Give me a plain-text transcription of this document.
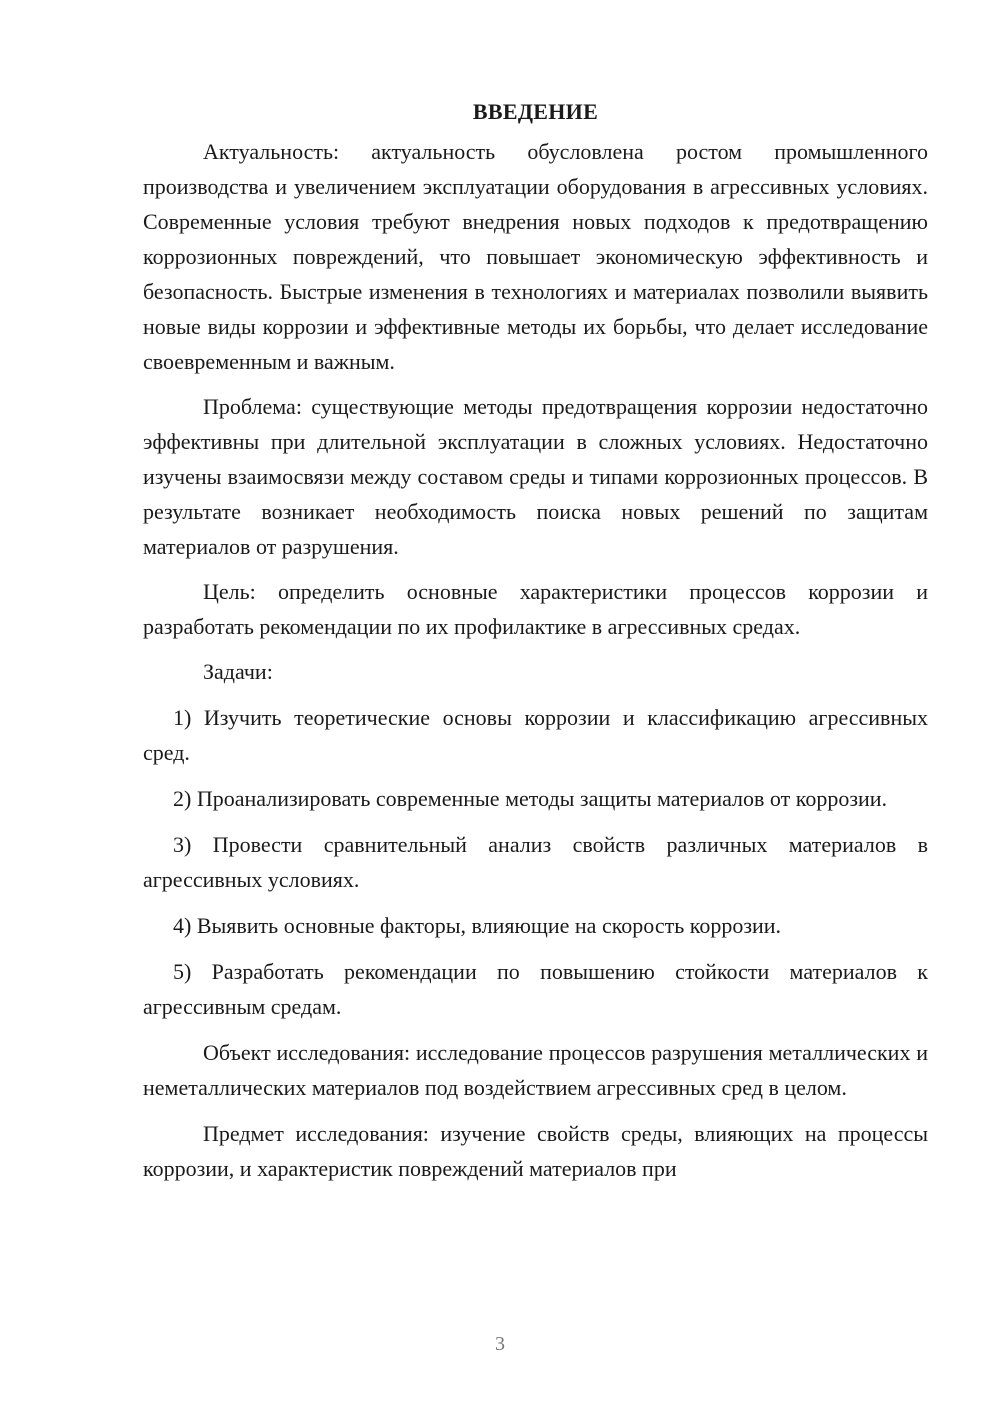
ВВЕДЕНИЕ

Актуальность: актуальность обусловлена ростом промышленного производства и увеличением эксплуатации оборудования в агрессивных условиях. Современные условия требуют внедрения новых подходов к предотвращению коррозионных повреждений, что повышает экономическую эффективность и безопасность. Быстрые изменения в технологиях и материалах позволили выявить новые виды коррозии и эффективные методы их борьбы, что делает исследование своевременным и важным.

Проблема: существующие методы предотвращения коррозии недостаточно эффективны при длительной эксплуатации в сложных условиях. Недостаточно изучены взаимосвязи между составом среды и типами коррозионных процессов. В результате возникает необходимость поиска новых решений по защитам материалов от разрушения.

Цель: определить основные характеристики процессов коррозии и разработать рекомендации по их профилактике в агрессивных средах.

Задачи:

1) Изучить теоретические основы коррозии и классификацию агрессивных сред.

2) Проанализировать современные методы защиты материалов от коррозии.

3) Провести сравнительный анализ свойств различных материалов в агрессивных условиях.

4) Выявить основные факторы, влияющие на скорость коррозии.

5) Разработать рекомендации по повышению стойкости материалов к агрессивным средам.

Объект исследования: исследование процессов разрушения металлических и неметаллических материалов под воздействием агрессивных сред в целом.

Предмет исследования: изучение свойств среды, влияющих на процессы коррозии, и характеристик повреждений материалов при

3
